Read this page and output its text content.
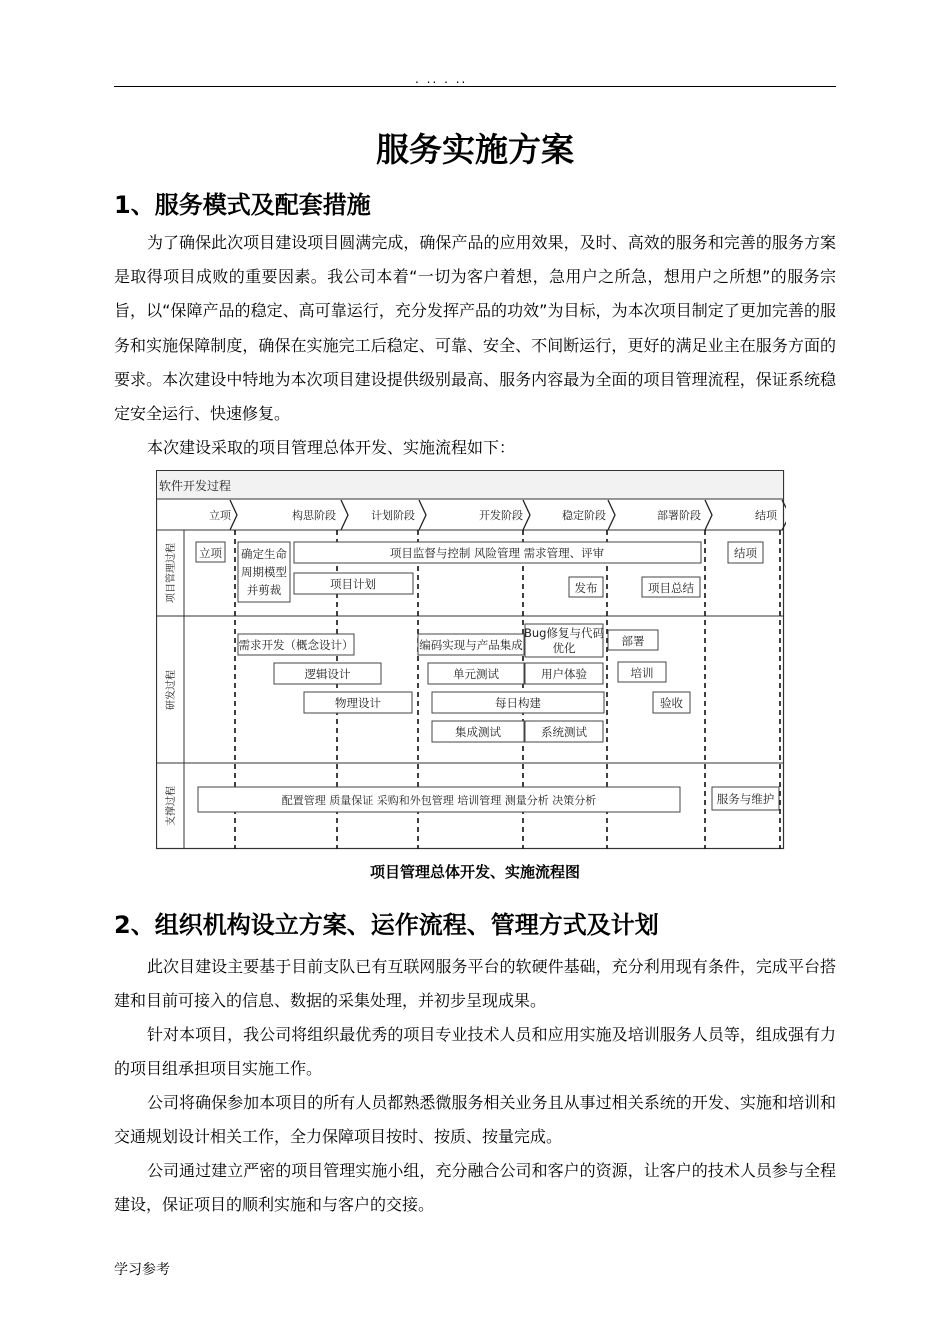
. .. . ..
服务实施方案
1、服务模式及配套措施
为了确保此次项目建设项目圆满完成，确保产品的应用效果，及时、高效的服务和完善的服务方案是取得项目成败的重要因素。我公司本着“一切为客户着想，急用户之所急，想用户之所想”的服务宗旨，以“保障产品的稳定、高可靠运行，充分发挥产品的功效”为目标，为本次项目制定了更加完善的服务和实施保障制度，确保在实施完工后稳定、可靠、安全、不间断运行，更好的满足业主在服务方面的要求。本次建设中特地为本次项目建设提供级别最高、服务内容最为全面的项目管理流程，保证系统稳定安全运行、快速修复。
本次建设采取的项目管理总体开发、实施流程如下：
软件开发过程
立项	构思阶段	计划阶段	开发阶段	稳定阶段	部署阶段	结项
项目管理过程
研发过程
支撑过程
立项 确定生命
周期模型
并剪裁
项目监督与控制 风险管理 需求管理、评审
项目计划	发布	项目总结
结项
需求开发（概念设计）
逻辑设计
物理设计
编码实现与产品集成
Bug修复与代码
优化	部署
单元测试	用户体验	培训
每日构建	验收
集成测试	系统测试
配置管理 质量保证 采购和外包管理 培训管理 测量分析 决策分析	服务与维护
项目管理总体开发、实施流程图
2、组织机构设立方案、运作流程、管理方式及计划
此次目建设主要基于目前支队已有互联网服务平台的软硬件基础，充分利用现有条件，完成平台搭建和目前可接入的信息、数据的采集处理，并初步呈现成果。
针对本项目，我公司将组织最优秀的项目专业技术人员和应用实施及培训服务人员等，组成强有力的项目组承担项目实施工作。
公司将确保参加本项目的所有人员都熟悉微服务相关业务且从事过相关系统的开发、实施和培训和交通规划设计相关工作，全力保障项目按时、按质、按量完成。
公司通过建立严密的项目管理实施小组，充分融合公司和客户的资源，让客户的技术人员参与全程建设，保证项目的顺利实施和与客户的交接。
学习参考
